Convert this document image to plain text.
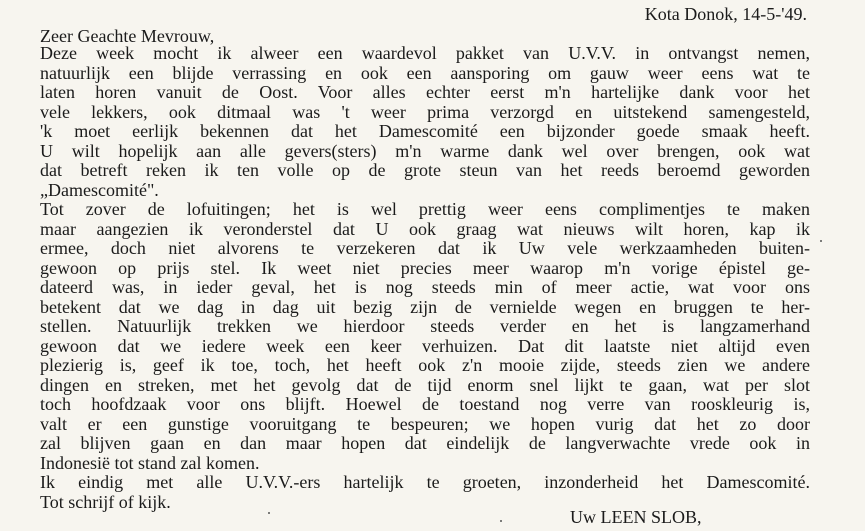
Kota Donok, 14-5-'49.
Zeer Geachte Mevrouw,
Deze week mocht ik alweer een waardevol pakket van U.V.V. in ontvangst nemen,
natuurlijk een blijde verrassing en ook een aansporing om gauw weer eens wat te
laten horen vanuit de Oost. Voor alles echter eerst m'n hartelijke dank voor het
vele lekkers, ook ditmaal was 't weer prima verzorgd en uitstekend samengesteld,
'k moet eerlijk bekennen dat het Damescomité een bijzonder goede smaak heeft.
U wilt hopelijk aan alle gevers(sters) m'n warme dank wel over brengen, ook wat
dat betreft reken ik ten volle op de grote steun van het reeds beroemd geworden
„Damescomité".
Tot zover de lofuitingen; het is wel prettig weer eens complimentjes te maken
maar aangezien ik veronderstel dat U ook graag wat nieuws wilt horen, kap ik
ermee, doch niet alvorens te verzekeren dat ik Uw vele werkzaamheden buiten-
gewoon op prijs stel. Ik weet niet precies meer waarop m'n vorige épistel ge-
dateerd was, in ieder geval, het is nog steeds min of meer actie, wat voor ons
betekent dat we dag in dag uit bezig zijn de vernielde wegen en bruggen te her-
stellen. Natuurlijk trekken we hierdoor steeds verder en het is langzamerhand
gewoon dat we iedere week een keer verhuizen. Dat dit laatste niet altijd even
plezierig is, geef ik toe, toch, het heeft ook z'n mooie zijde, steeds zien we andere
dingen en streken, met het gevolg dat de tijd enorm snel lijkt te gaan, wat per slot
toch hoofdzaak voor ons blijft. Hoewel de toestand nog verre van rooskleurig is,
valt er een gunstige vooruitgang te bespeuren; we hopen vurig dat het zo door
zal blijven gaan en dan maar hopen dat eindelijk de langverwachte vrede ook in
Indonesië tot stand zal komen.
Ik eindig met alle U.V.V.-ers hartelijk te groeten, inzonderheid het Damescomité.
Tot schrijf of kijk.
Uw LEEN SLOB,
